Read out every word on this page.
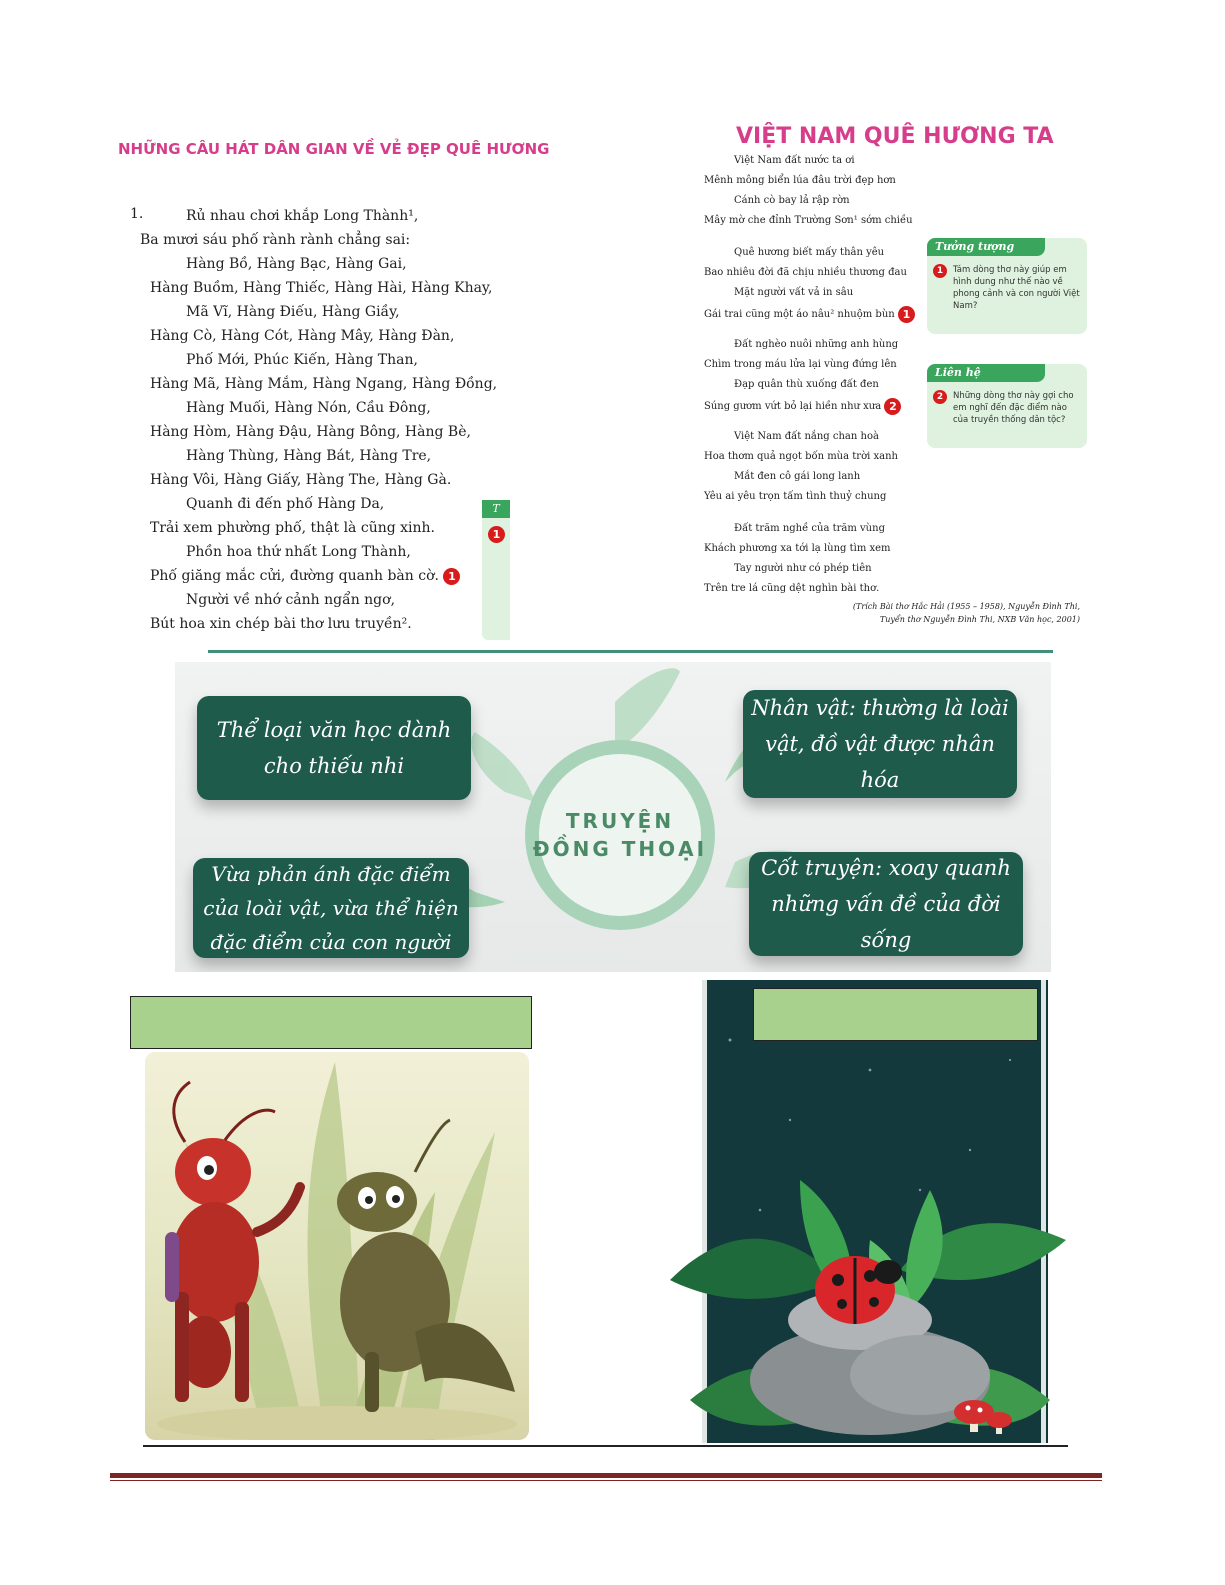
NHỮNG CÂU HÁT DÂN GIAN VỀ VẺ ĐẸP QUÊ HƯƠNG
1.	Rủ nhau chơi khắp Long Thành¹,
Ba mươi sáu phố rành rành chẳng sai:
Hàng Bồ, Hàng Bạc, Hàng Gai,
Hàng Buồm, Hàng Thiếc, Hàng Hài, Hàng Khay,
Mã Vĩ, Hàng Điếu, Hàng Giầy,
Hàng Cò, Hàng Cót, Hàng Mây, Hàng Đàn,
Phố Mới, Phúc Kiến, Hàng Than,
Hàng Mã, Hàng Mắm, Hàng Ngang, Hàng Đồng,
Hàng Muối, Hàng Nón, Cầu Đông,
Hàng Hòm, Hàng Đậu, Hàng Bông, Hàng Bè,
Hàng Thùng, Hàng Bát, Hàng Tre,
Hàng Vôi, Hàng Giấy, Hàng The, Hàng Gà.
Quanh đi đến phố Hàng Da,
Trải xem phường phố, thật là cũng xinh.
Phồn hoa thứ nhất Long Thành,
Phố giăng mắc cửi, đường quanh bàn cờ. 1
Người về nhớ cảnh ngẩn ngơ,
Bút hoa xin chép bài thơ lưu truyền².
T
1
VIỆT NAM QUÊ HƯƠNG TA
Việt Nam đất nước ta ơi
Mênh mông biển lúa đâu trời đẹp hơn
Cánh cò bay lả rập rờn
Mây mờ che đỉnh Trường Sơn¹ sớm chiều
Quê hương biết mấy thân yêu
Bao nhiêu đời đã chịu nhiều thương đau
Mặt người vất vả in sâu
Gái trai cũng một áo nâu² nhuộm bùn 1
Đất nghèo nuôi những anh hùng
Chìm trong máu lửa lại vùng đứng lên
Đạp quân thù xuống đất đen
Súng gươm vứt bỏ lại hiền như xưa 2
Việt Nam đất nắng chan hoà
Hoa thơm quả ngọt bốn mùa trời xanh
Mắt đen cô gái long lanh
Yêu ai yêu trọn tấm tình thuỷ chung
Đất trăm nghề của trăm vùng
Khách phương xa tới lạ lùng tìm xem
Tay người như có phép tiên
Trên tre lá cũng dệt nghìn bài thơ.
(Trích Bài thơ Hắc Hải (1955 – 1958), Nguyễn Đình Thi,
Tuyển thơ Nguyễn Đình Thi, NXB Văn học, 2001)
Tưởng tượng
1	Tám dòng thơ này giúp em hình dung như thế nào về phong cảnh và con người Việt Nam?
Liên hệ
2	Những dòng thơ này gợi cho em nghĩ đến đặc điểm nào của truyền thống dân tộc?
TRUYỆN
ĐỒNG THOẠI
Thể loại văn học dành cho thiếu nhi
Nhân vật: thường là loài vật, đồ vật được nhân hóa
Vừa phản ánh đặc điểm của loài vật, vừa thể hiện đặc điểm của con người
Cốt truyện: xoay quanh những vấn đề của đời sống
